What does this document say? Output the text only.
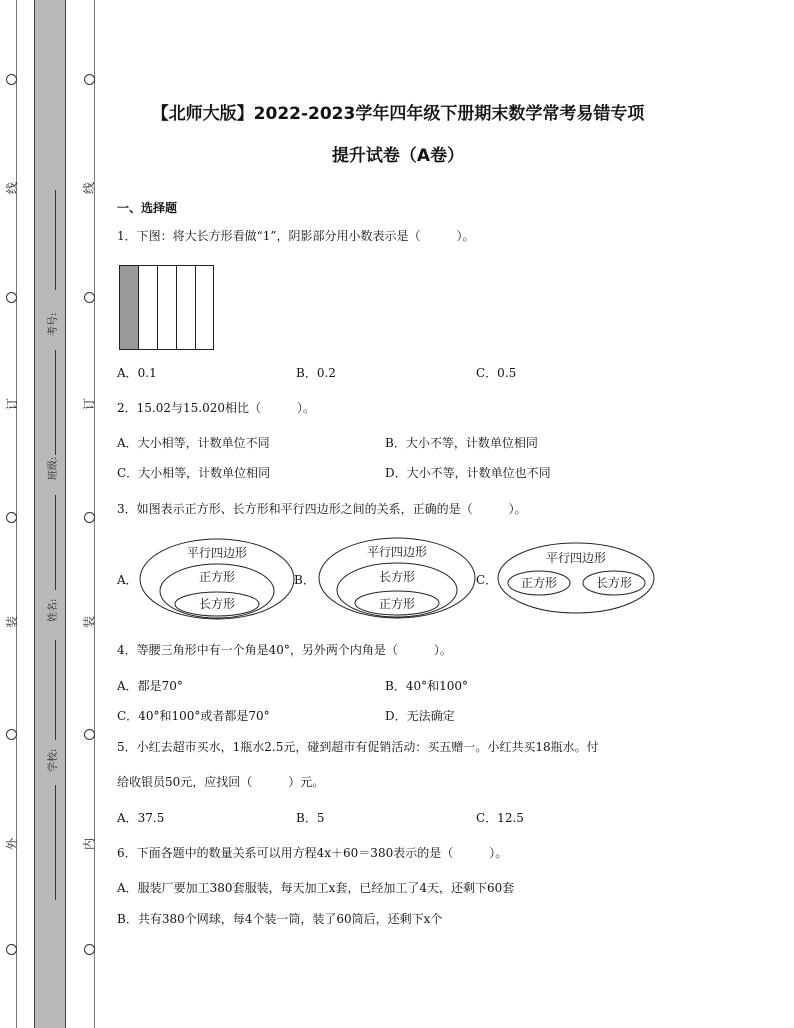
线
订
装
外
线
订
装
内
考号:
班级:
姓名:
学校:
【北师大版】2022-2023学年四年级下册期末数学常考易错专项
提升试卷（A卷）
一、选择题
1．下图：将大长方形看做“1”，阴影部分用小数表示是（　　　）。
A．0.1	B．0.2	C．0.5
2．15.02与15.020相比（　　　）。
A．大小相等，计数单位不同	B．大小不等，计数单位相同
C．大小相等，计数单位相同	D．大小不等，计数单位也不同
3．如图表示正方形、长方形和平行四边形之间的关系，正确的是（　　　）。
A．	B．	C．
平行四边形
正方形
长方形
平行四边形
长方形
正方形
平行四边形
正方形	长方形
4．等腰三角形中有一个角是40°，另外两个内角是（　　　）。
A．都是70°	B．40°和100°
C．40°和100°或者都是70°	D．无法确定
5．小红去超市买水，1瓶水2.5元，碰到超市有促销活动：买五赠一。小红共买18瓶水。付
给收银员50元，应找回（　　　）元。
A．37.5	B．5	C．12.5
6．下面各题中的数量关系可以用方程4x＋60＝380表示的是（　　　）。
A．服装厂要加工380套服装，每天加工x套，已经加工了4天，还剩下60套
B．共有380个网球，每4个装一筒，装了60筒后，还剩下x个
